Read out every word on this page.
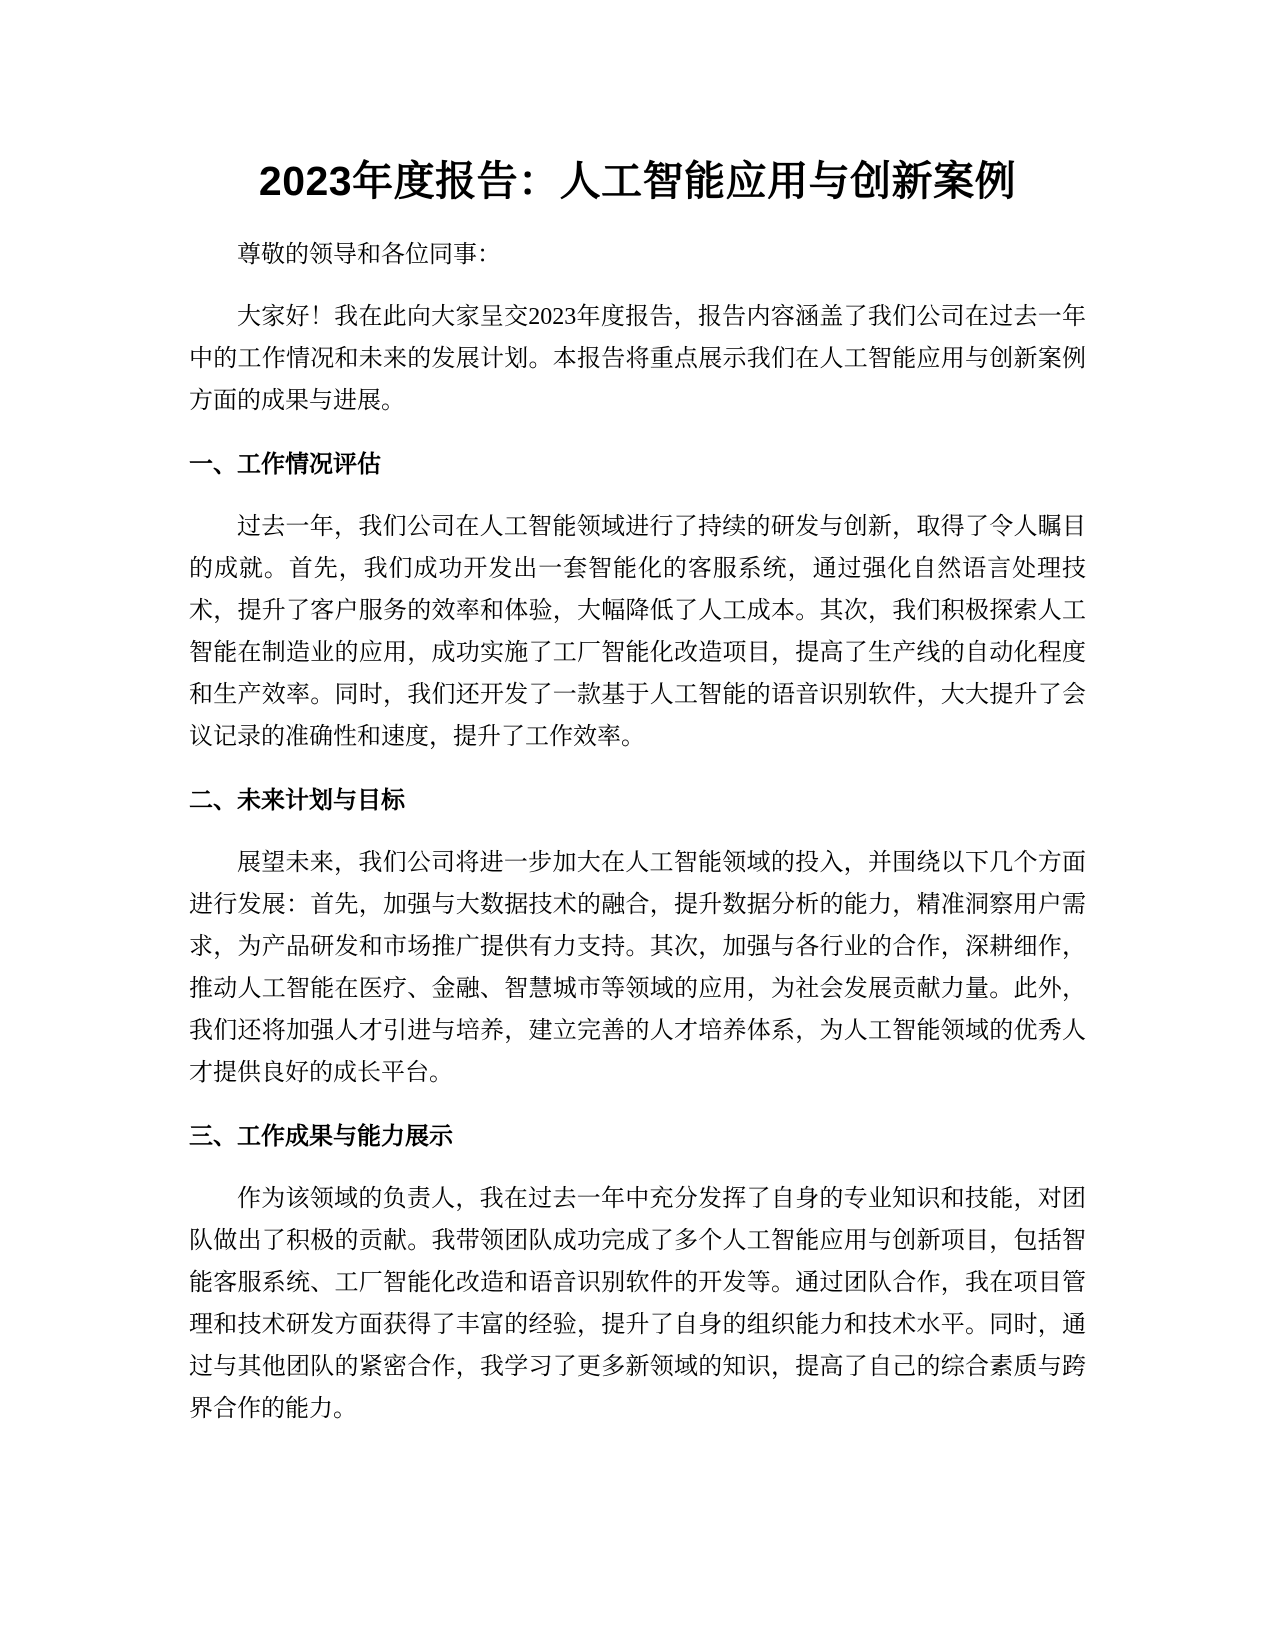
2023年度报告：人工智能应用与创新案例

尊敬的领导和各位同事：

大家好！我在此向大家呈交2023年度报告，报告内容涵盖了我们公司在过去一年中的工作情况和未来的发展计划。本报告将重点展示我们在人工智能应用与创新案例方面的成果与进展。

一、工作情况评估

过去一年，我们公司在人工智能领域进行了持续的研发与创新，取得了令人瞩目的成就。首先，我们成功开发出一套智能化的客服系统，通过强化自然语言处理技术，提升了客户服务的效率和体验，大幅降低了人工成本。其次，我们积极探索人工智能在制造业的应用，成功实施了工厂智能化改造项目，提高了生产线的自动化程度和生产效率。同时，我们还开发了一款基于人工智能的语音识别软件，大大提升了会议记录的准确性和速度，提升了工作效率。

二、未来计划与目标

展望未来，我们公司将进一步加大在人工智能领域的投入，并围绕以下几个方面进行发展：首先，加强与大数据技术的融合，提升数据分析的能力，精准洞察用户需求，为产品研发和市场推广提供有力支持。其次，加强与各行业的合作，深耕细作，推动人工智能在医疗、金融、智慧城市等领域的应用，为社会发展贡献力量。此外，我们还将加强人才引进与培养，建立完善的人才培养体系，为人工智能领域的优秀人才提供良好的成长平台。

三、工作成果与能力展示

作为该领域的负责人，我在过去一年中充分发挥了自身的专业知识和技能，对团队做出了积极的贡献。我带领团队成功完成了多个人工智能应用与创新项目，包括智能客服系统、工厂智能化改造和语音识别软件的开发等。通过团队合作，我在项目管理和技术研发方面获得了丰富的经验，提升了自身的组织能力和技术水平。同时，通过与其他团队的紧密合作，我学习了更多新领域的知识，提高了自己的综合素质与跨界合作的能力。
